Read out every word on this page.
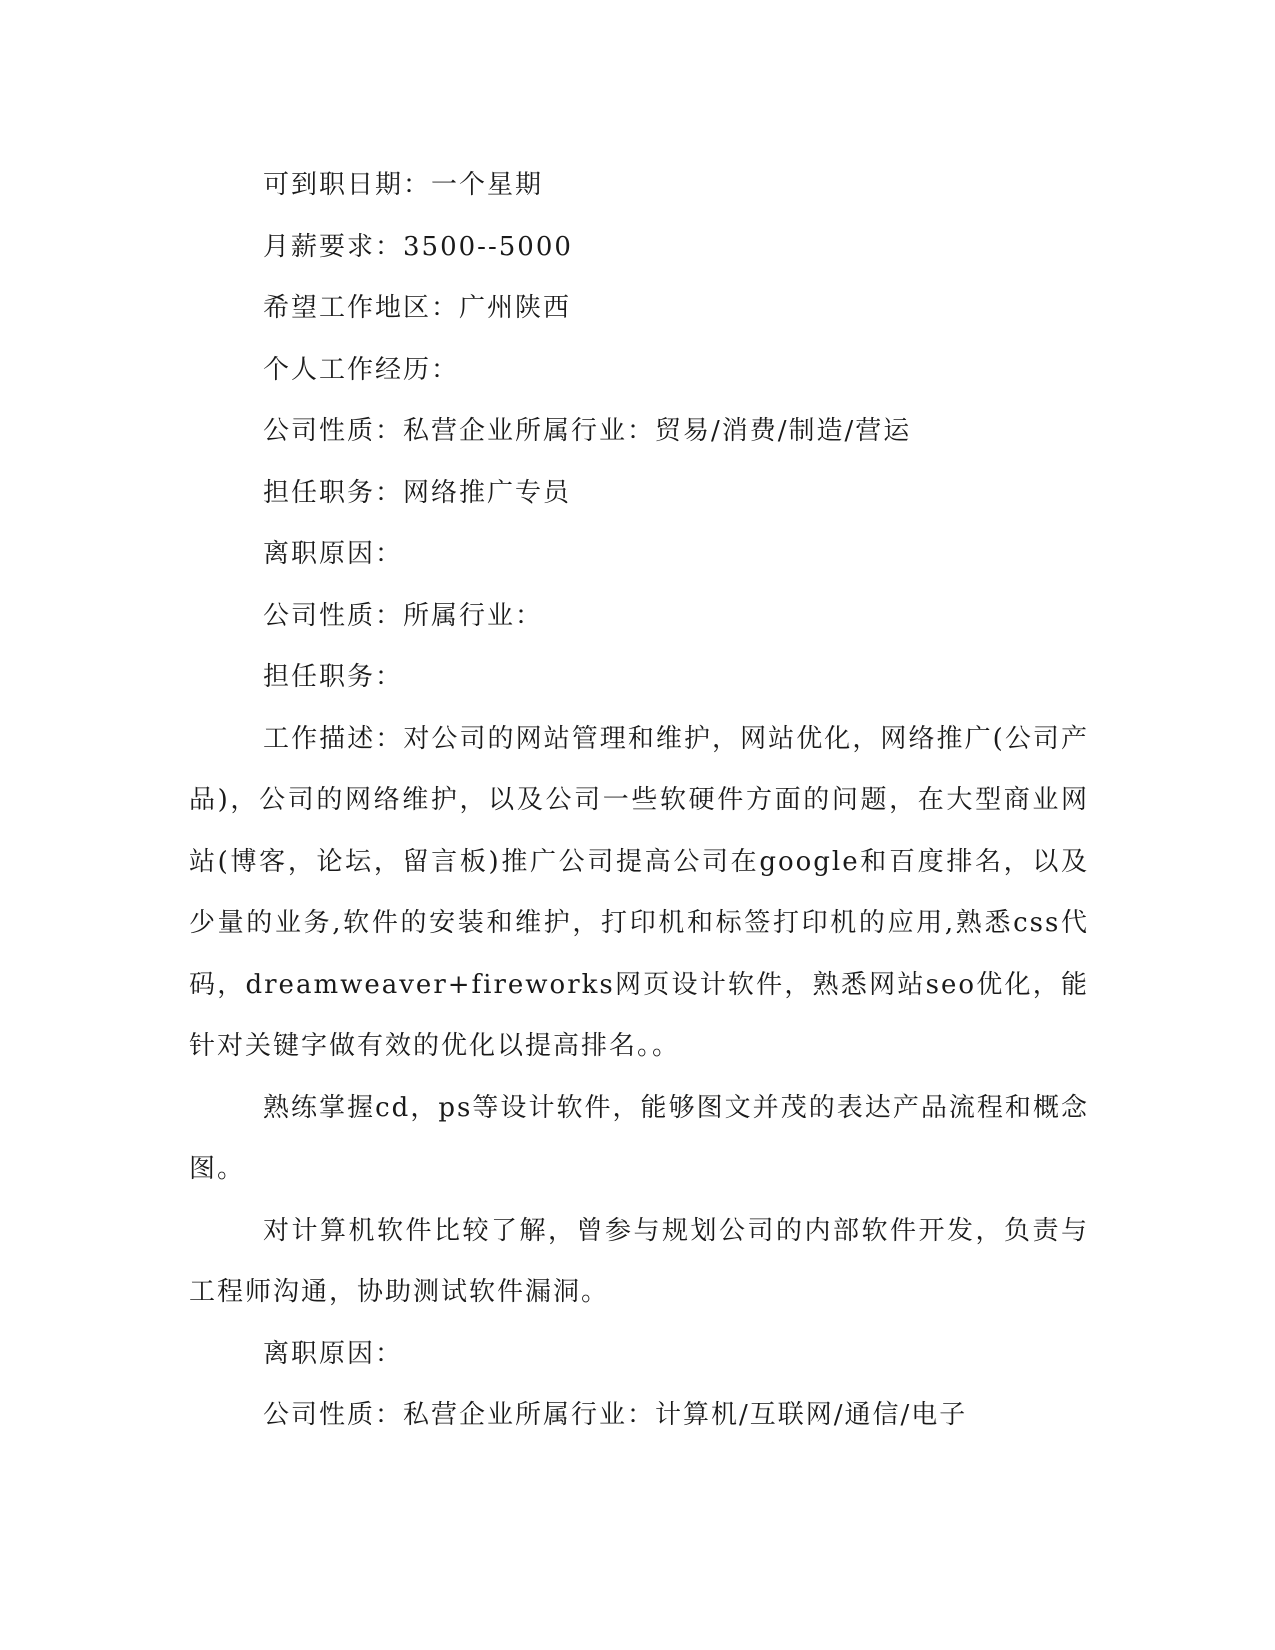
可到职日期：一个星期
月薪要求：3500--5000
希望工作地区：广州陕西
个人工作经历：
公司性质：私营企业所属行业：贸易/消费/制造/营运
担任职务：网络推广专员
离职原因：
公司性质：所属行业：
担任职务：
工作描述：对公司的网站管理和维护，网站优化，网络推广(公司产品)，公司的网络维护，以及公司一些软硬件方面的问题，在大型商业网站(博客，论坛，留言板)推广公司提高公司在google和百度排名，以及少量的业务,软件的安装和维护，打印机和标签打印机的应用,熟悉css代码，dreamweaver+fireworks网页设计软件，熟悉网站seo优化，能针对关键字做有效的优化以提高排名。。
熟练掌握cd，ps等设计软件，能够图文并茂的表达产品流程和概念图。
对计算机软件比较了解，曾参与规划公司的内部软件开发，负责与工程师沟通，协助测试软件漏洞。
离职原因：
公司性质：私营企业所属行业：计算机/互联网/通信/电子
